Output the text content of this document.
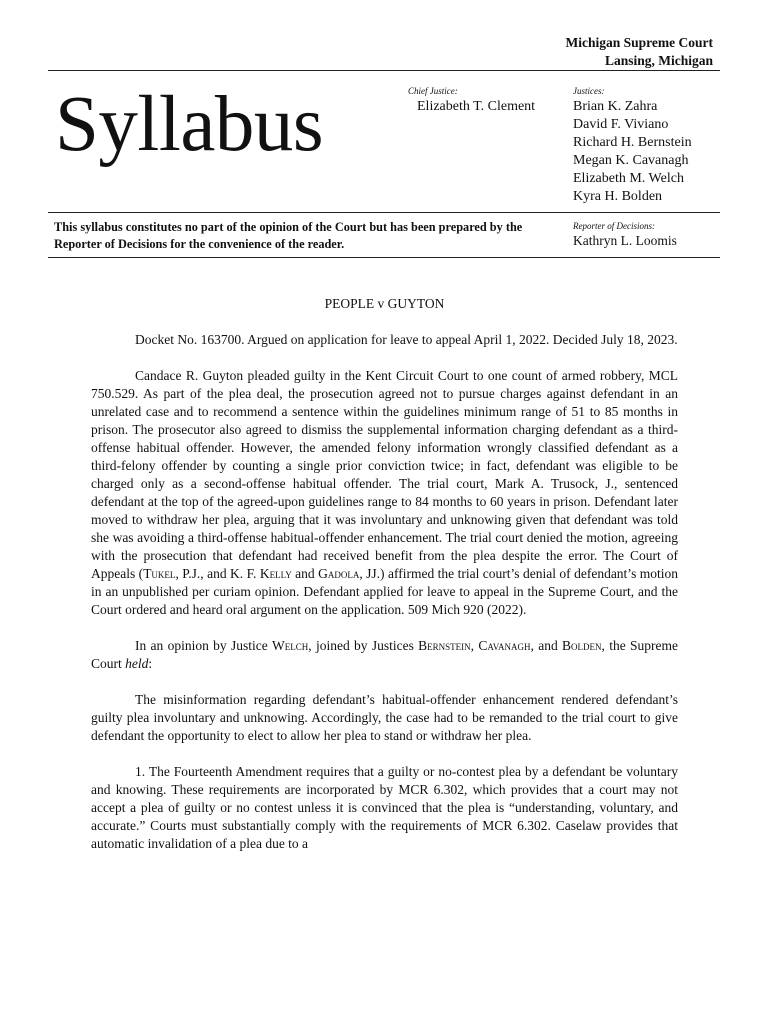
Michigan Supreme Court
Lansing, Michigan
Syllabus	Chief Justice:
Elizabeth T. Clement
Justices:
Brian K. Zahra
David F. Viviano
Richard H. Bernstein
Megan K. Cavanagh
Elizabeth M. Welch
Kyra H. Bolden
This syllabus constitutes no part of the opinion of the Court but has been prepared by the Reporter of Decisions for the convenience of the reader.
Reporter of Decisions:
Kathryn L. Loomis
PEOPLE v GUYTON

Docket No. 163700. Argued on application for leave to appeal April 1, 2022. Decided July 18, 2023.

Candace R. Guyton pleaded guilty in the Kent Circuit Court to one count of armed robbery, MCL 750.529. As part of the plea deal, the prosecution agreed not to pursue charges against defendant in an unrelated case and to recommend a sentence within the guidelines minimum range of 51 to 85 months in prison. The prosecutor also agreed to dismiss the supplemental information charging defendant as a third-offense habitual offender. However, the amended felony information wrongly classified defendant as a third-felony offender by counting a single prior conviction twice; in fact, defendant was eligible to be charged only as a second-offense habitual offender. The trial court, Mark A. Trusock, J., sentenced defendant at the top of the agreed-upon guidelines range to 84 months to 60 years in prison. Defendant later moved to withdraw her plea, arguing that it was involuntary and unknowing given that defendant was told she was avoiding a third-offense habitual-offender enhancement. The trial court denied the motion, agreeing with the prosecution that defendant had received benefit from the plea despite the error. The Court of Appeals (Tukel, P.J., and K. F. Kelly and Gadola, JJ.) affirmed the trial court’s denial of defendant’s motion in an unpublished per curiam opinion. Defendant applied for leave to appeal in the Supreme Court, and the Court ordered and heard oral argument on the application. 509 Mich 920 (2022).

In an opinion by Justice Welch, joined by Justices Bernstein, Cavanagh, and Bolden, the Supreme Court held:

The misinformation regarding defendant’s habitual-offender enhancement rendered defendant’s guilty plea involuntary and unknowing. Accordingly, the case had to be remanded to the trial court to give defendant the opportunity to elect to allow her plea to stand or withdraw her plea.

1. The Fourteenth Amendment requires that a guilty or no-contest plea by a defendant be voluntary and knowing. These requirements are incorporated by MCR 6.302, which provides that a court may not accept a plea of guilty or no contest unless it is convinced that the plea is “understanding, voluntary, and accurate.” Courts must substantially comply with the requirements of MCR 6.302. Caselaw provides that automatic invalidation of a plea due to a
